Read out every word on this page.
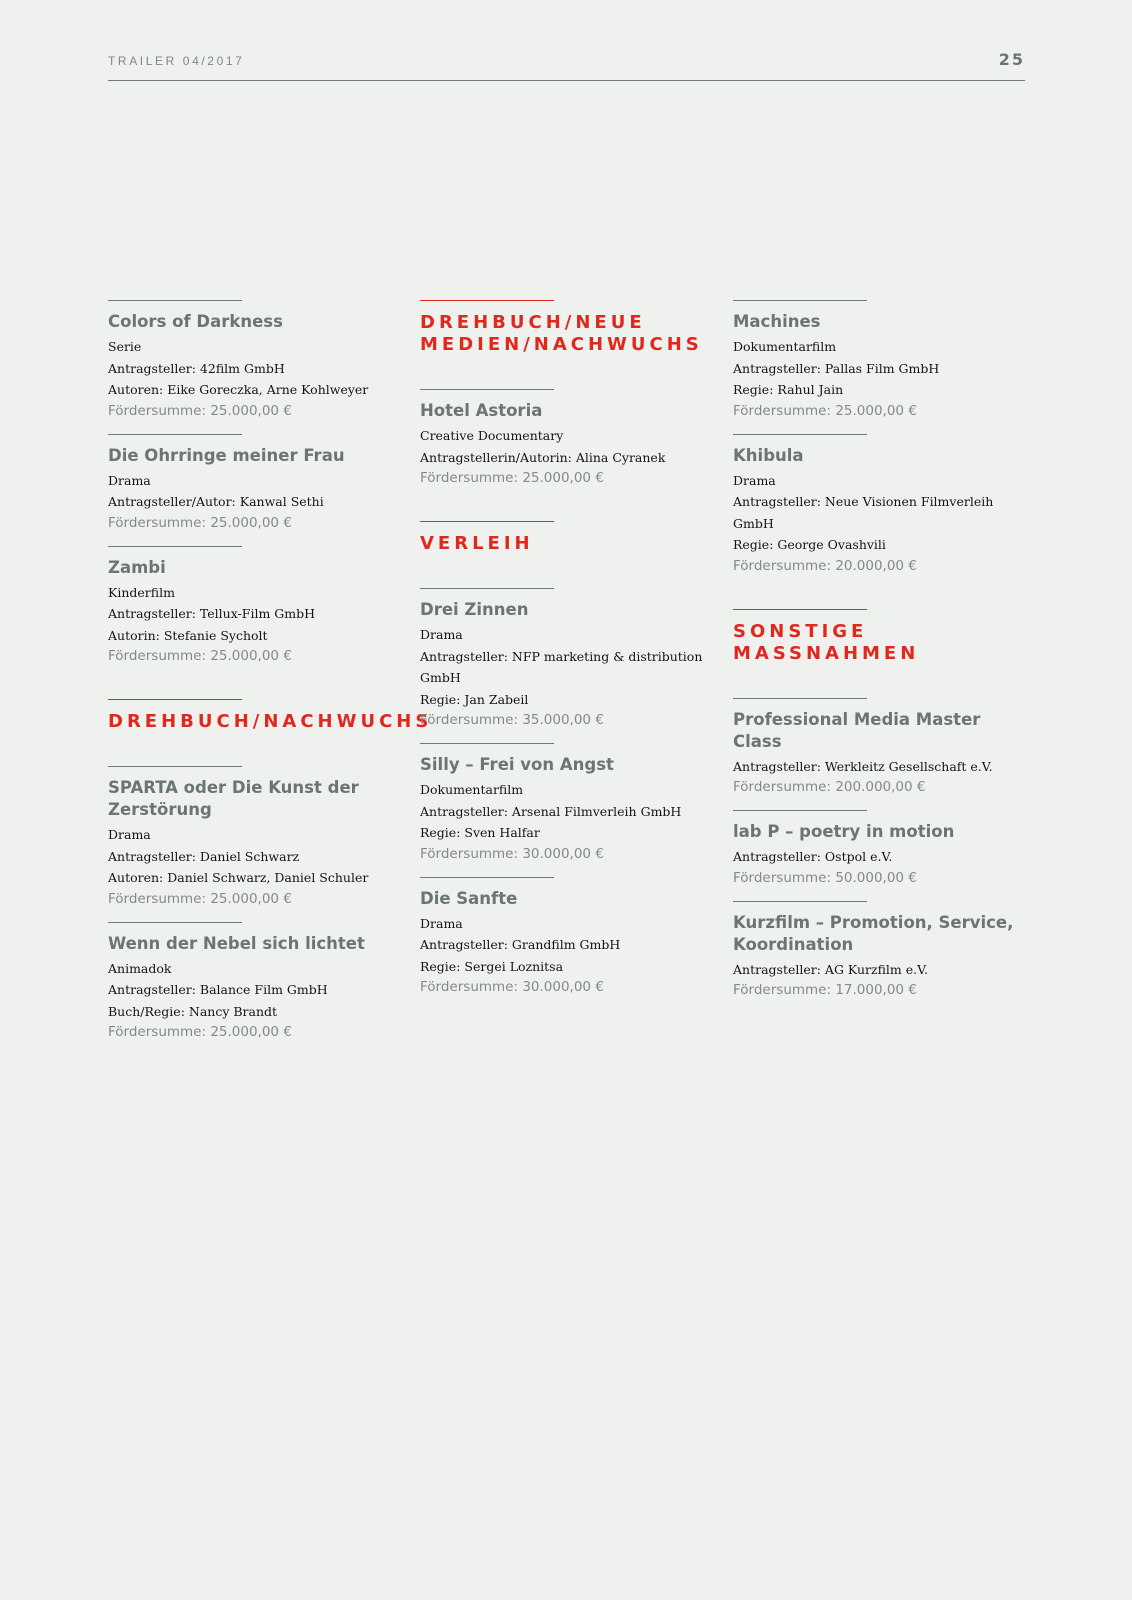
TRAILER 04/2017	25
Colors of Darkness
Serie
Antragsteller: 42film GmbH
Autoren: Eike Goreczka, Arne Kohlweyer
Fördersumme: 25.000,00 €
Die Ohrringe meiner Frau
Drama
Antragsteller/Autor: Kanwal Sethi
Fördersumme: 25.000,00 €
Zambi
Kinderfilm
Antragsteller: Tellux-Film GmbH
Autorin: Stefanie Sycholt
Fördersumme: 25.000,00 €
DREHBUCH/NACHWUCHS
SPARTA oder Die Kunst der Zerstörung
Drama
Antragsteller: Daniel Schwarz
Autoren: Daniel Schwarz, Daniel Schuler
Fördersumme: 25.000,00 €
Wenn der Nebel sich lichtet
Animadok
Antragsteller: Balance Film GmbH
Buch/Regie: Nancy Brandt
Fördersumme: 25.000,00 €
DREHBUCH/NEUE MEDIEN/NACHWUCHS
Hotel Astoria
Creative Documentary
Antragstellerin/Autorin: Alina Cyranek
Fördersumme: 25.000,00 €
VERLEIH
Drei Zinnen
Drama
Antragsteller: NFP marketing & distribution GmbH
Regie: Jan Zabeil
Fördersumme: 35.000,00 €
Silly – Frei von Angst
Dokumentarfilm
Antragsteller: Arsenal Filmverleih GmbH
Regie: Sven Halfar
Fördersumme: 30.000,00 €
Die Sanfte
Drama
Antragsteller: Grandfilm GmbH
Regie: Sergei Loznitsa
Fördersumme: 30.000,00 €
Machines
Dokumentarfilm
Antragsteller: Pallas Film GmbH
Regie: Rahul Jain
Fördersumme: 25.000,00 €
Khibula
Drama
Antragsteller: Neue Visionen Filmverleih GmbH
Regie: George Ovashvili
Fördersumme: 20.000,00 €
SONSTIGE MASSNAHMEN
Professional Media Master Class
Antragsteller: Werkleitz Gesellschaft e.V.
Fördersumme: 200.000,00 €
lab P – poetry in motion
Antragsteller: Ostpol e.V.
Fördersumme: 50.000,00 €
Kurzfilm – Promotion, Service, Koordination
Antragsteller: AG Kurzfilm e.V.
Fördersumme: 17.000,00 €
